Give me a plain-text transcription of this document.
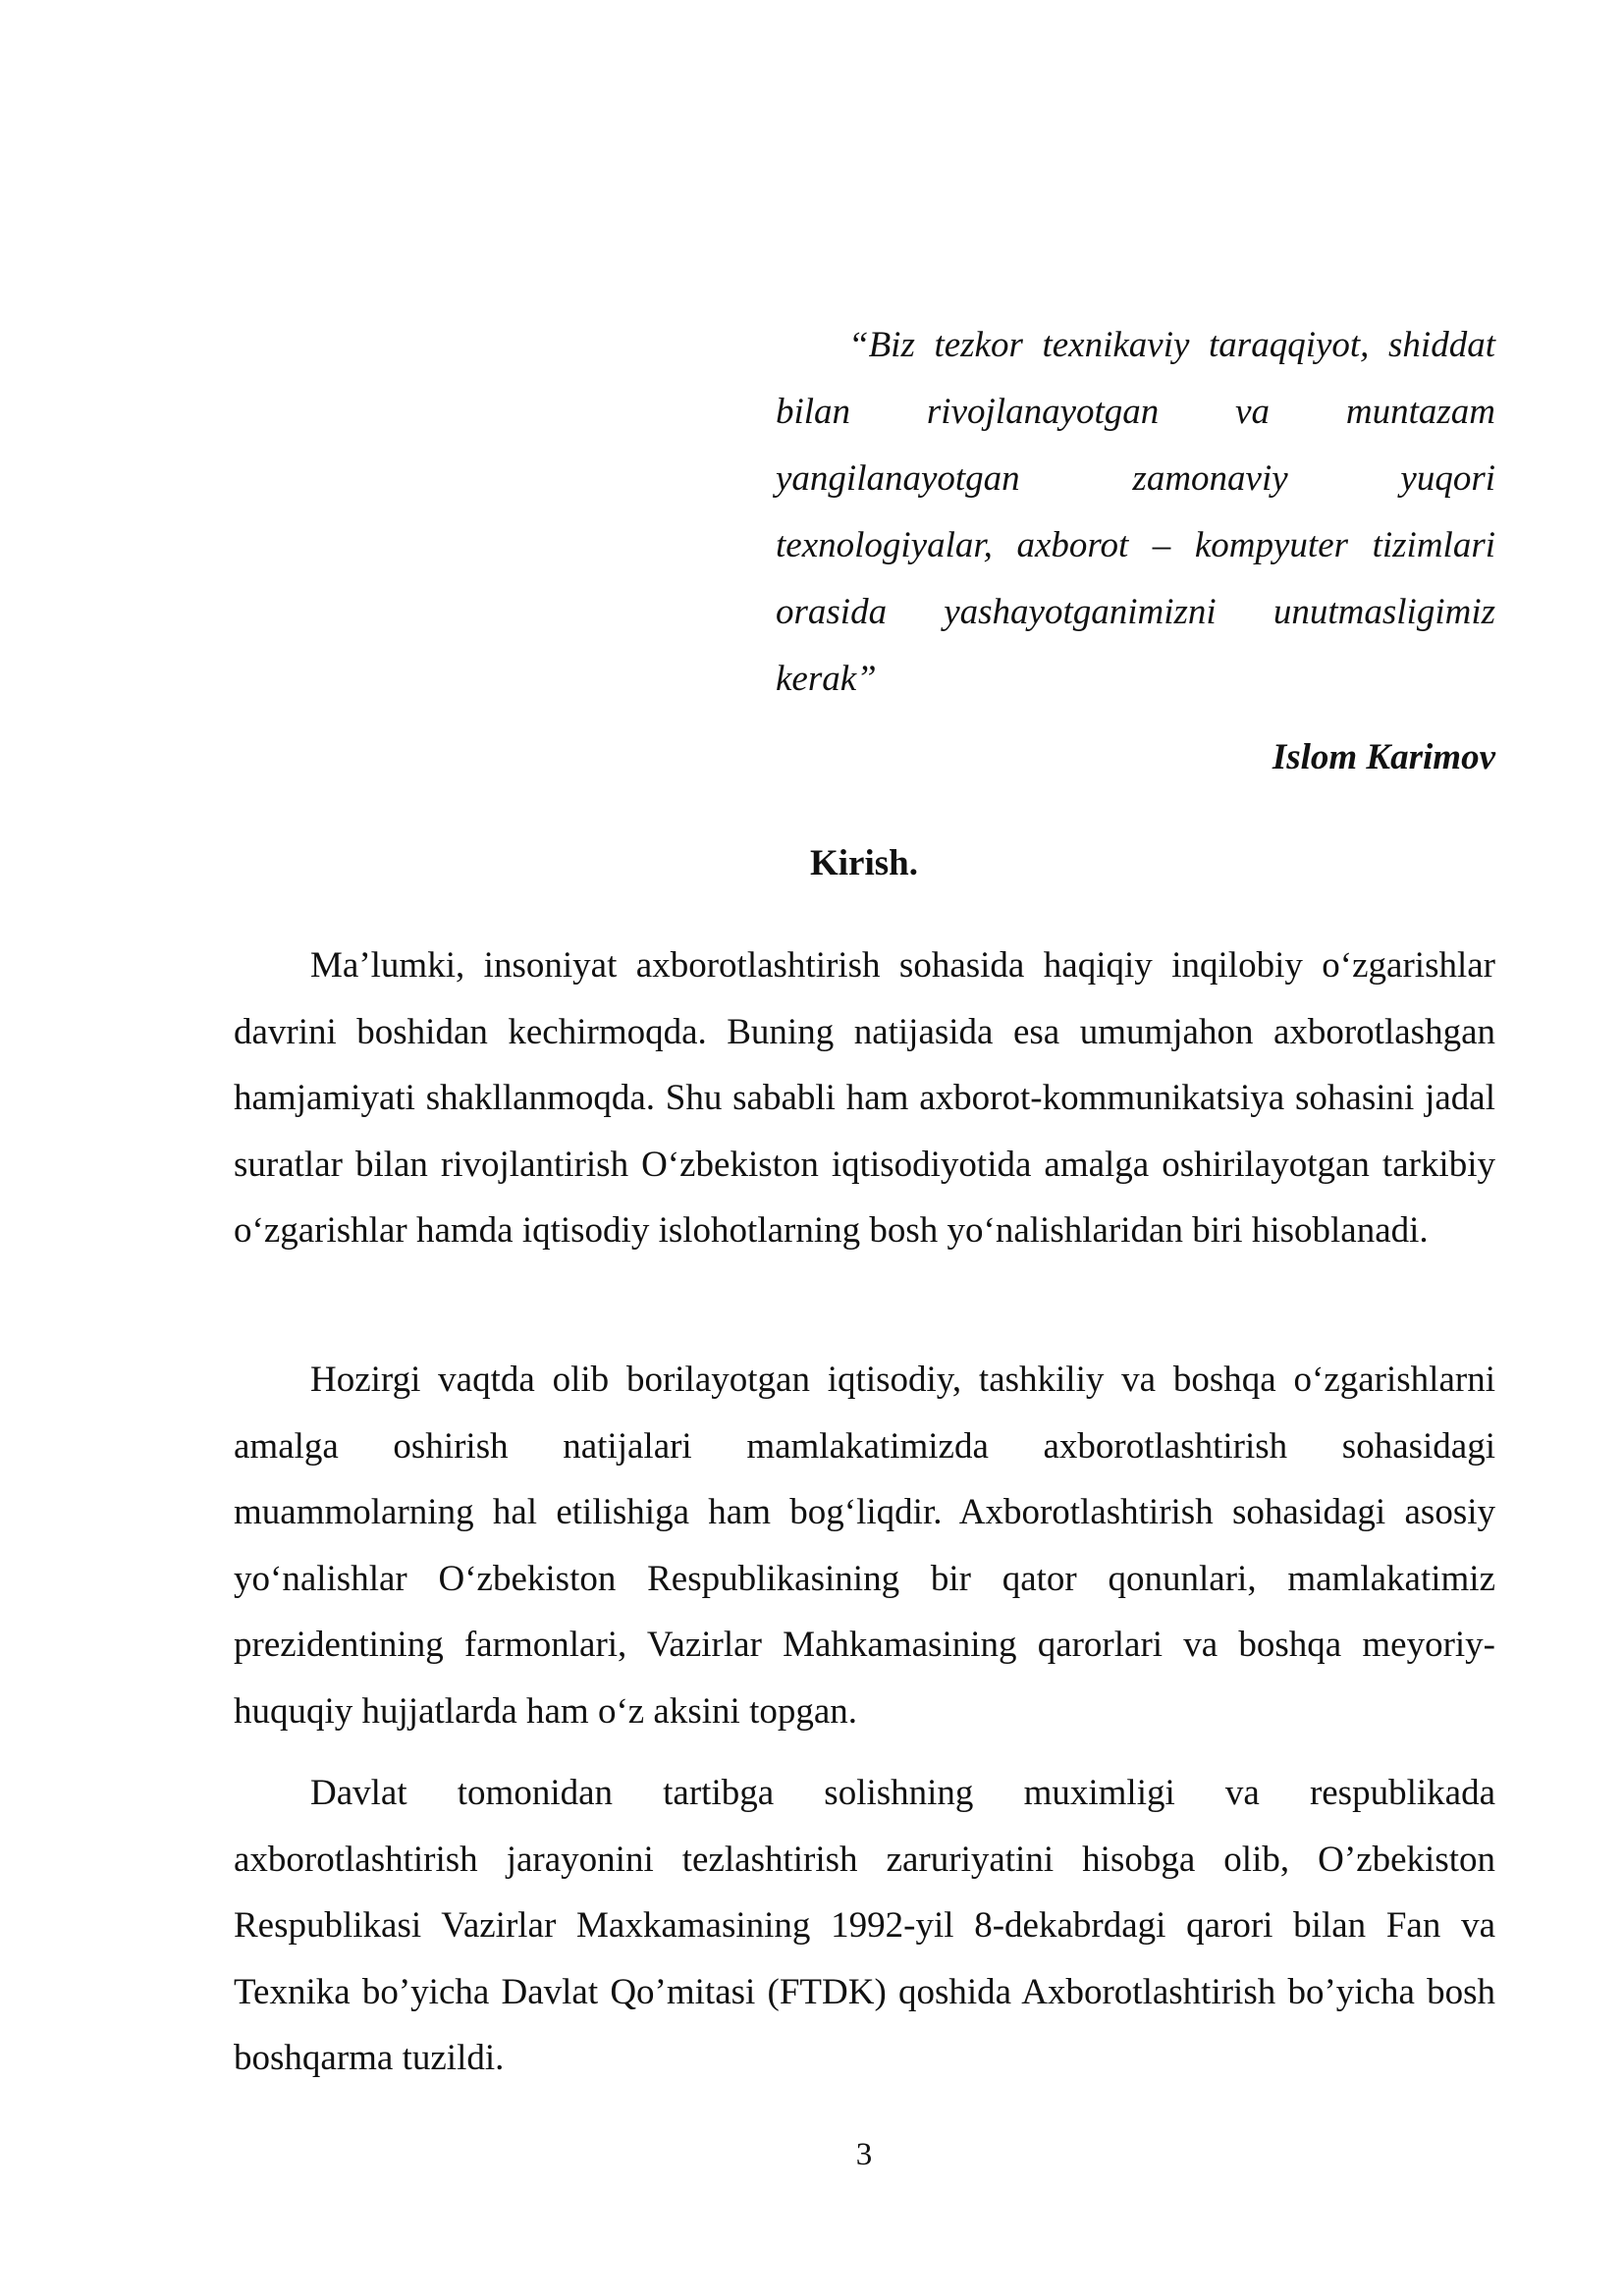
“Biz tezkor texnikaviy taraqqiyot, shiddat bilan rivojlanayotgan va muntazam yangilanayotgan zamonaviy yuqori texnologiyalar, axborot – kompyuter tizimlari orasida yashayotganimizni unutmasligimiz kerak”

Islom Karimov

Kirish.

Ma’lumki, insoniyat axborotlashtirish sohasida haqiqiy inqilobiy o‘zgarishlar davrini boshidan kechirmoqda. Buning natijasida esa umumjahon axborotlashgan hamjamiyati shakllanmoqda. Shu sababli ham axborot-kommunikatsiya sohasini jadal suratlar bilan rivojlantirish O‘zbekiston iqtisodiyotida amalga oshirilayotgan tarkibiy o‘zgarishlar hamda iqtisodiy islohotlarning bosh yo‘nalishlaridan biri hisoblanadi.

Hozirgi vaqtda olib borilayotgan iqtisodiy, tashkiliy va boshqa o‘zgarishlarni amalga oshirish natijalari mamlakatimizda axborotlashtirish sohasidagi muammolarning hal etilishiga ham bog‘liqdir. Axborotlashtirish sohasidagi asosiy yo‘nalishlar O‘zbekiston Respublikasining bir qator qonunlari, mamlakatimiz prezidentining farmonlari, Vazirlar Mahkamasining qarorlari va boshqa meyoriy-huquqiy hujjatlarda ham o‘z aksini topgan.

Davlat tomonidan tartibga solishning muximligi va respublikada axborotlashtirish jarayonini tezlashtirish zaruriyatini hisobga olib, O’zbekiston Respublikasi Vazirlar Maxkamasining 1992-yil 8-dekabrdagi qarori bilan Fan va Texnika bo’yicha Davlat Qo’mitasi (FTDK) qoshida Axborotlashtirish bo’yicha bosh boshqarma tuzildi.

3
